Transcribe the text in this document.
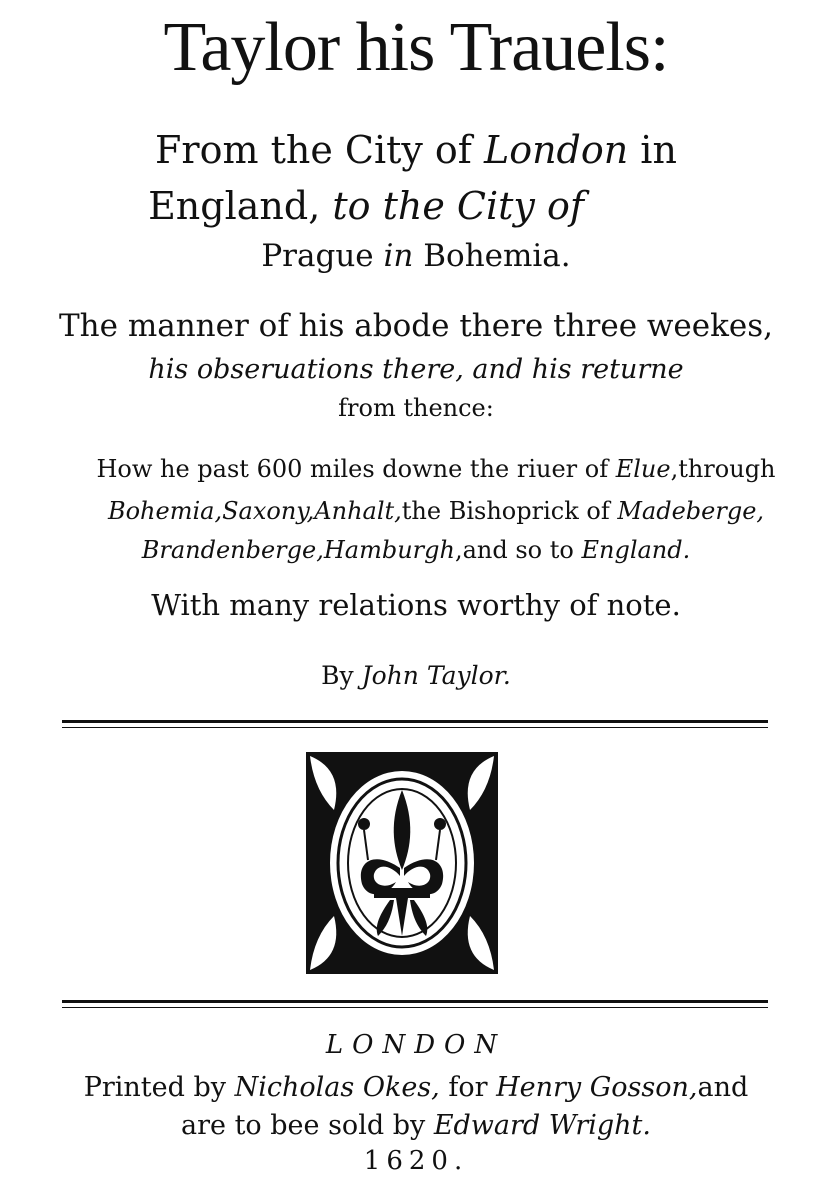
Taylor his Trauels:
From the City of London in
England, to the City of
Prague in Bohemia.
The manner of his abode there three weekes,
his obseruations there, and his returne
from thence:
How he past 600 miles downe the riuer of Elue,through
Bohemia,Saxony,Anhalt,the Bishoprick of Madeberge,
Brandenberge,Hamburgh,and so to England.
With many relations worthy of note.
By John Taylor.
LONDON
Printed by Nicholas Okes, for Henry Gosson,and
are to bee sold by Edward Wright.
1620.
